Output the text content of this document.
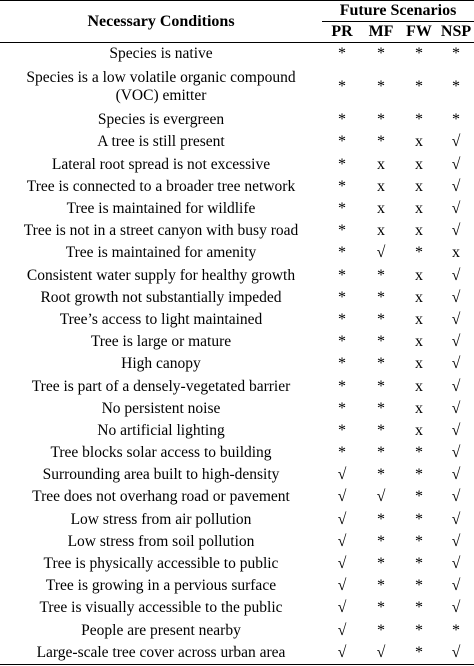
Necessary Conditions	Future Scenarios			
	PR	MF	FW	NSP
Species is native	*	*	*	*
Species is a low volatile organic compound (VOC) emitter	*	*	*	*
Species is evergreen	*	*	*	*
A tree is still present	*	*	x	√
Lateral root spread is not excessive	*	x	x	√
Tree is connected to a broader tree network	*	x	x	√
Tree is maintained for wildlife	*	x	x	√
Tree is not in a street canyon with busy road	*	x	x	√
Tree is maintained for amenity	*	√	*	x
Consistent water supply for healthy growth	*	*	x	√
Root growth not substantially impeded	*	*	x	√
Tree’s access to light maintained	*	*	x	√
Tree is large or mature	*	*	x	√
High canopy	*	*	x	√
Tree is part of a densely-vegetated barrier	*	*	x	√
No persistent noise	*	*	x	√
No artificial lighting	*	*	x	√
Tree blocks solar access to building	*	*	*	√
Surrounding area built to high-density	√	*	*	√
Tree does not overhang road or pavement	√	√	*	√
Low stress from air pollution	√	*	*	√
Low stress from soil pollution	√	*	*	√
Tree is physically accessible to public	√	*	*	√
Tree is growing in a pervious surface	√	*	*	√
Tree is visually accessible to the public	√	*	*	√
People are present nearby	√	*	*	*
Large-scale tree cover across urban area	√	√	*	√
